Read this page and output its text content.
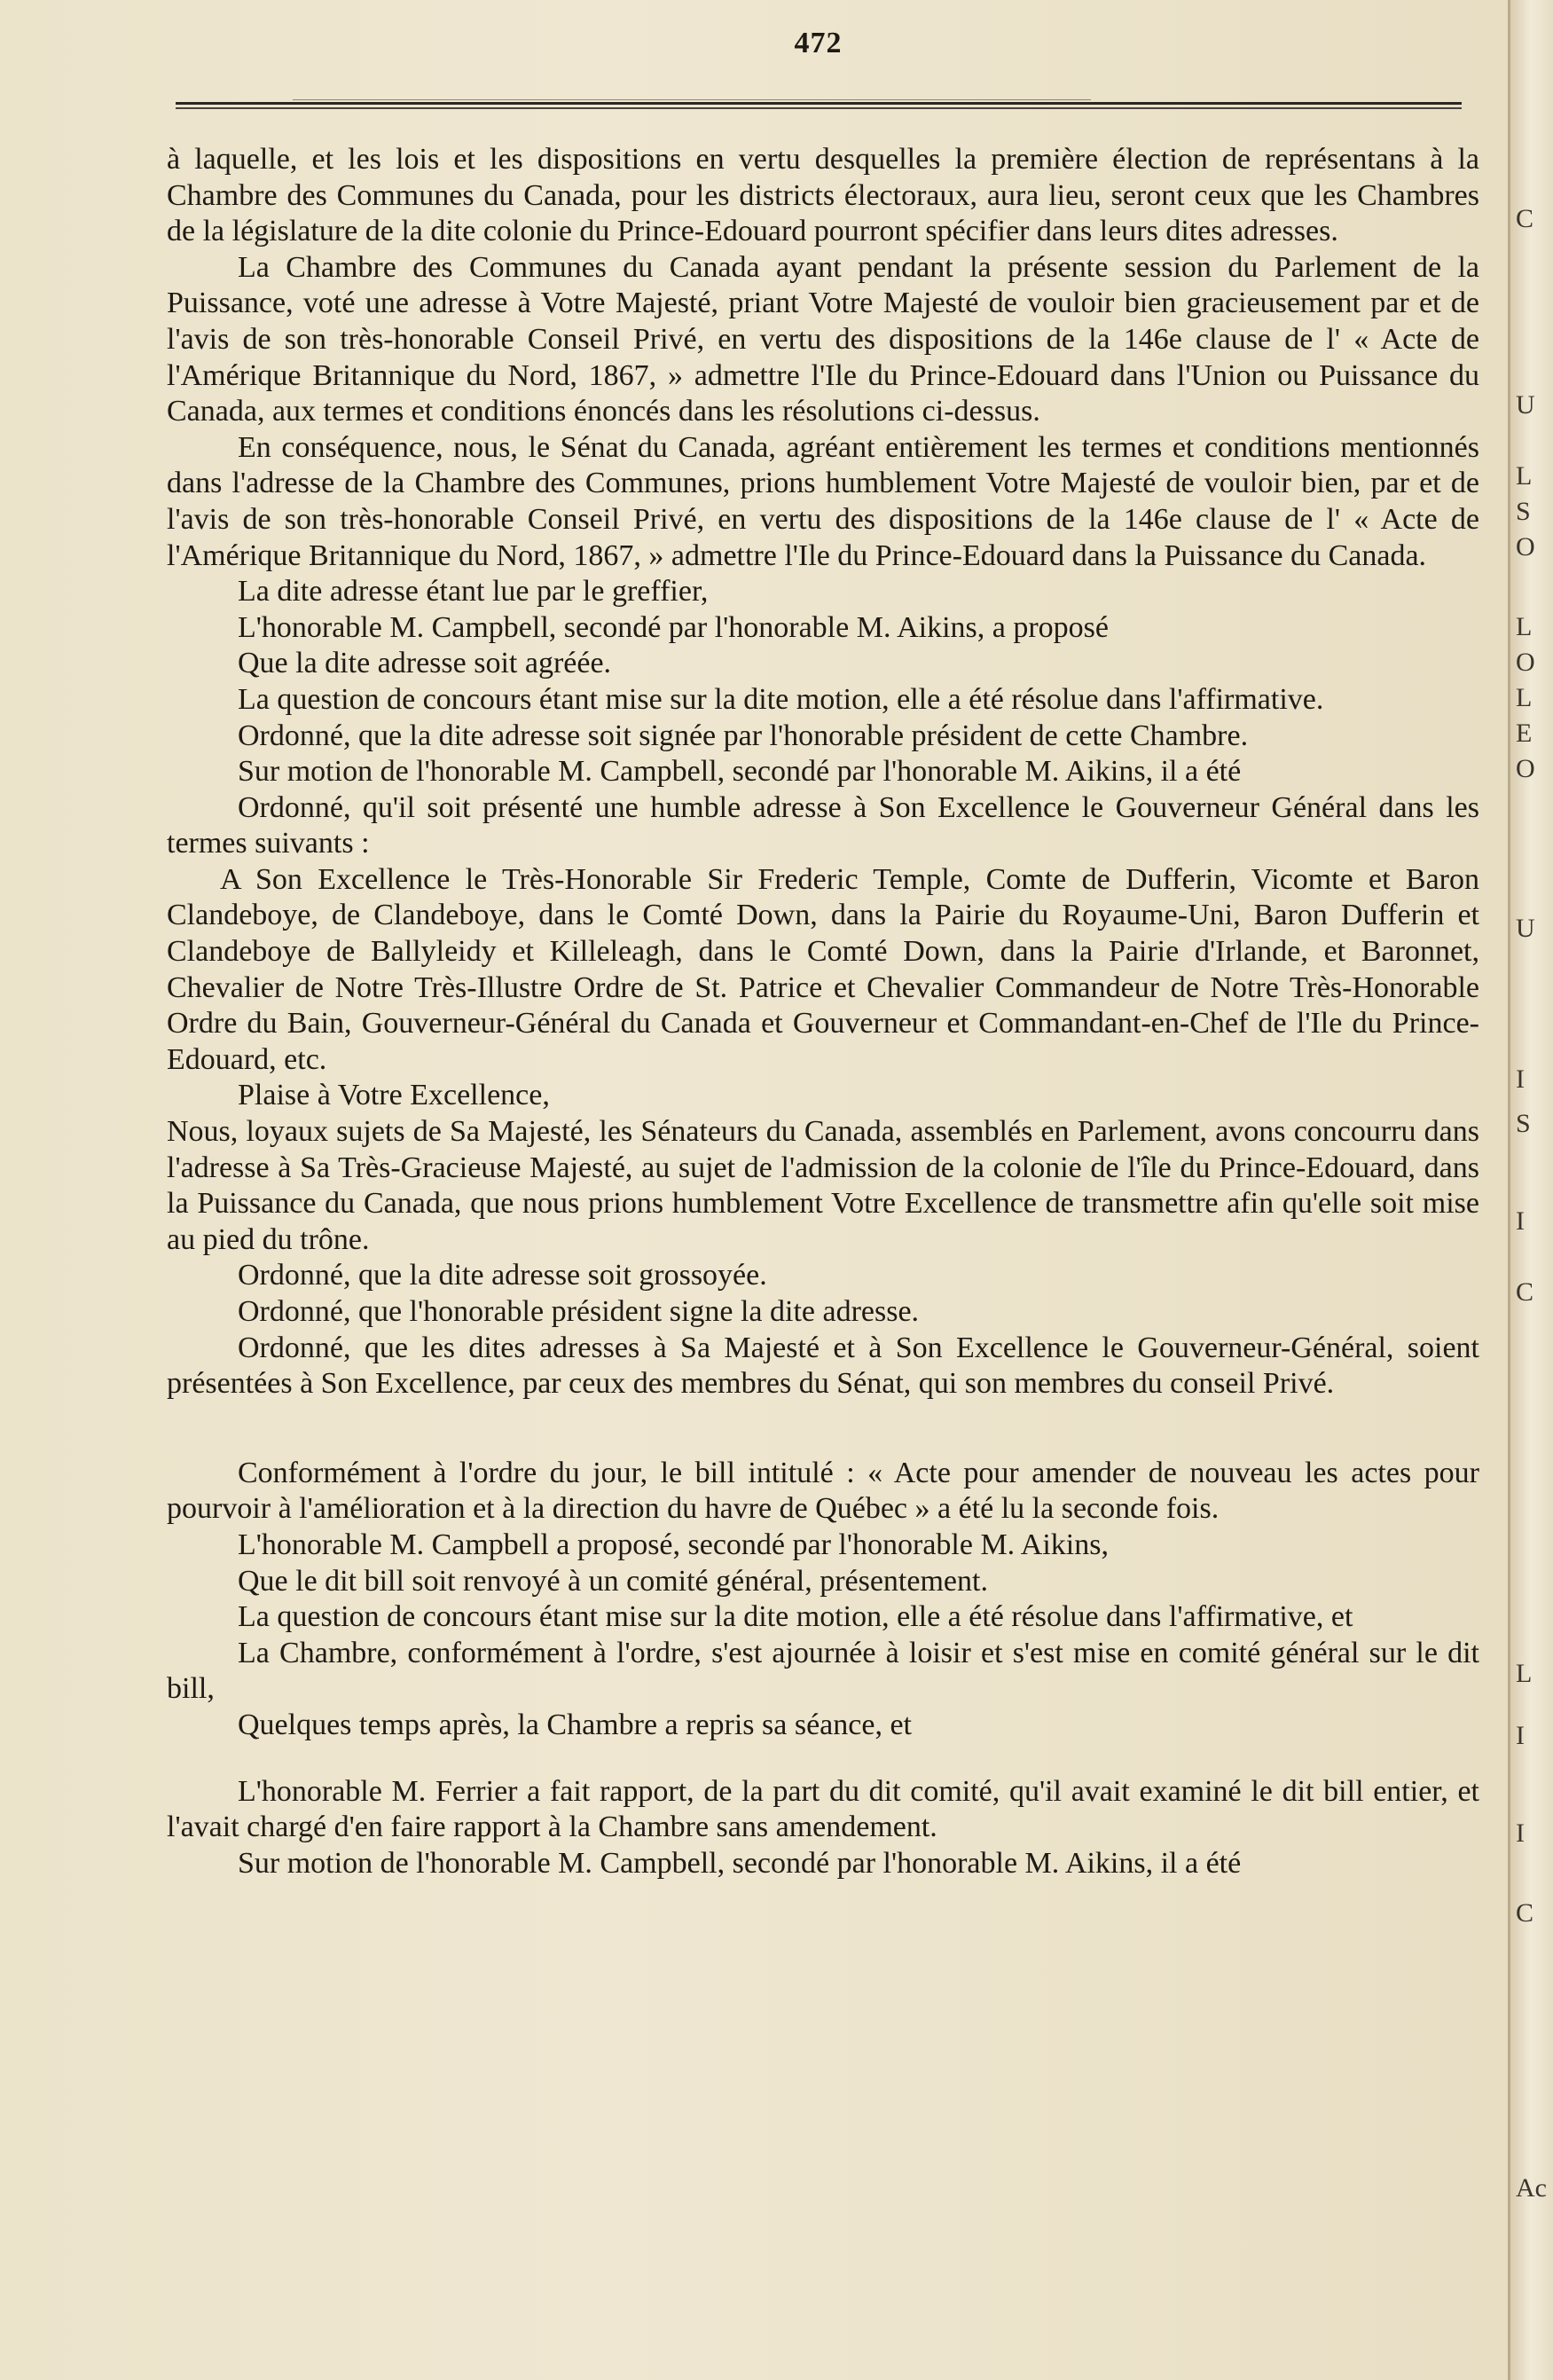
C
U
L
S
O
L
O
L
E
O
U
I
S
I
C
L
I
I
C
Ac
472

à laquelle, et les lois et les dispositions en vertu desquelles la première élection de représentans à la Chambre des Communes du Canada, pour les districts électoraux, aura lieu, seront ceux que les Chambres de la législature de la dite colonie du Prince-Edouard pourront spécifier dans leurs dites adresses.

La Chambre des Communes du Canada ayant pendant la présente session du Parlement de la Puissance, voté une adresse à Votre Majesté, priant Votre Majesté de vouloir bien gracieusement par et de l'avis de son très-honorable Conseil Privé, en vertu des dispositions de la 146e clause de l' « Acte de l'Amérique Britannique du Nord, 1867, » admettre l'Ile du Prince-Edouard dans l'Union ou Puissance du Canada, aux termes et conditions énoncés dans les résolutions ci-dessus.

En conséquence, nous, le Sénat du Canada, agréant entièrement les termes et conditions mentionnés dans l'adresse de la Chambre des Communes, prions humblement Votre Majesté de vouloir bien, par et de l'avis de son très-honorable Conseil Privé, en vertu des dispositions de la 146e clause de l' « Acte de l'Amérique Britannique du Nord, 1867, » admettre l'Ile du Prince-Edouard dans la Puissance du Canada.

La dite adresse étant lue par le greffier,

L'honorable M. Campbell, secondé par l'honorable M. Aikins, a proposé

Que la dite adresse soit agréée.

La question de concours étant mise sur la dite motion, elle a été résolue dans l'affirmative.

Ordonné, que la dite adresse soit signée par l'honorable président de cette Chambre.

Sur motion de l'honorable M. Campbell, secondé par l'honorable M. Aikins, il a été

Ordonné, qu'il soit présenté une humble adresse à Son Excellence le Gouverneur Général dans les termes suivants :

A Son Excellence le Très-Honorable Sir Frederic Temple, Comte de Dufferin, Vicomte et Baron Clandeboye, de Clandeboye, dans le Comté Down, dans la Pairie du Royaume-Uni, Baron Dufferin et Clandeboye de Ballyleidy et Killeleagh, dans le Comté Down, dans la Pairie d'Irlande, et Baronnet, Chevalier de Notre Très-Illustre Ordre de St. Patrice et Chevalier Commandeur de Notre Très-Honorable Ordre du Bain, Gouverneur-Général du Canada et Gouverneur et Commandant-en-Chef de l'Ile du Prince-Edouard, etc.

Plaise à Votre Excellence,

Nous, loyaux sujets de Sa Majesté, les Sénateurs du Canada, assemblés en Parlement, avons concourru dans l'adresse à Sa Très-Gracieuse Majesté, au sujet de l'admission de la colonie de l'île du Prince-Edouard, dans la Puissance du Canada, que nous prions humblement Votre Excellence de transmettre afin qu'elle soit mise au pied du trône.

Ordonné, que la dite adresse soit grossoyée.

Ordonné, que l'honorable président signe la dite adresse.

Ordonné, que les dites adresses à Sa Majesté et à Son Excellence le Gouverneur-Général, soient présentées à Son Excellence, par ceux des membres du Sénat, qui son membres du conseil Privé.

Conformément à l'ordre du jour, le bill intitulé : « Acte pour amender de nouveau les actes pour pourvoir à l'amélioration et à la direction du havre de Québec » a été lu la seconde fois.

L'honorable M. Campbell a proposé, secondé par l'honorable M. Aikins,

Que le dit bill soit renvoyé à un comité général, présentement.

La question de concours étant mise sur la dite motion, elle a été résolue dans l'affirmative, et

La Chambre, conformément à l'ordre, s'est ajournée à loisir et s'est mise en comité général sur le dit bill,

Quelques temps après, la Chambre a repris sa séance, et

L'honorable M. Ferrier a fait rapport, de la part du dit comité, qu'il avait examiné le dit bill entier, et l'avait chargé d'en faire rapport à la Chambre sans amendement.

Sur motion de l'honorable M. Campbell, secondé par l'honorable M. Aikins, il a été
